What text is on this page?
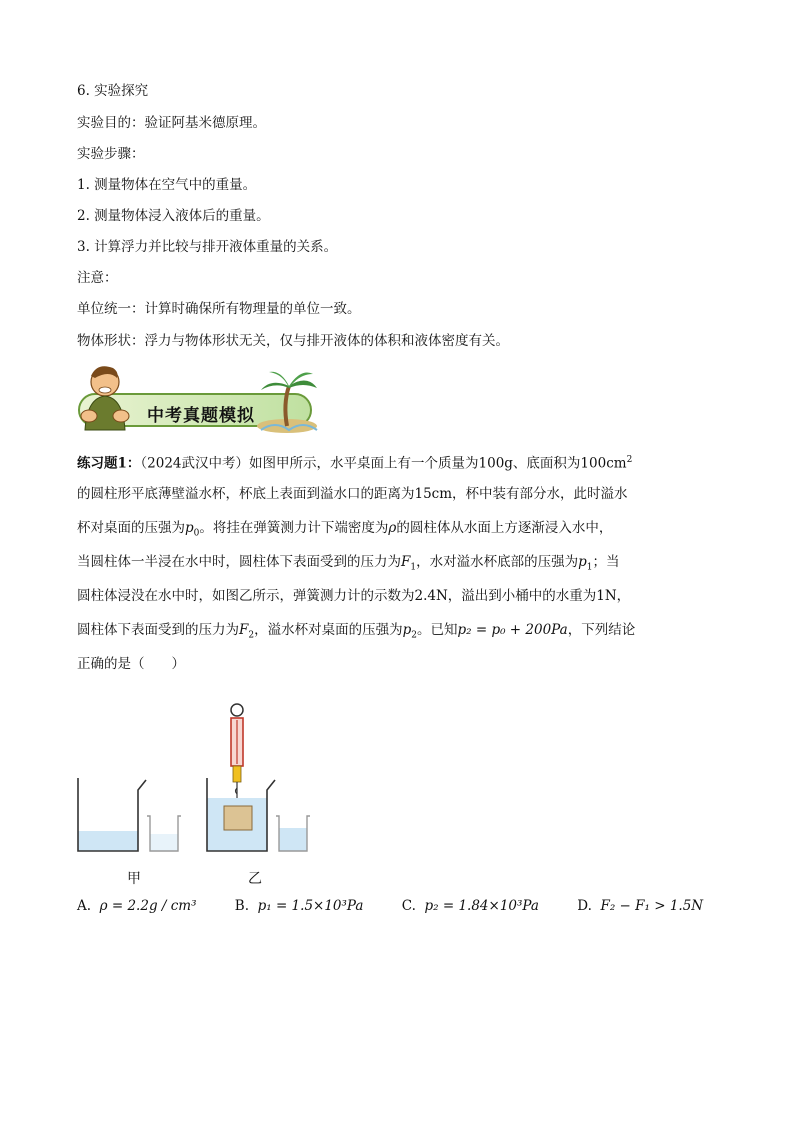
6. 实验探究
实验目的：验证阿基米德原理。
实验步骤：
1. 测量物体在空气中的重量。
2. 测量物体浸入液体后的重量。
3. 计算浮力并比较与排开液体重量的关系。
注意：
单位统一：计算时确保所有物理量的单位一致。
物体形状：浮力与物体形状无关，仅与排开液体的体积和液体密度有关。
中考真题模拟
练习题1：（2024武汉中考）如图甲所示，水平桌面上有一个质量为100g、底面积为$100cm^2$
的圆柱形平底薄壁溢水杯，杯底上表面到溢水口的距离为15cm，杯中装有部分水，此时溢水
杯对桌面的压强为$p_0$。将挂在弹簧测力计下端密度为ρ的圆柱体从水面上方逐渐浸入水中，
当圆柱体一半浸在水中时，圆柱体下表面受到的压力为$F_1$，水对溢水杯底部的压强为$p_1$；当
圆柱体浸没在水中时，如图乙所示，弹簧测力计的示数为2.4N，溢出到小桶中的水重为1N，
圆柱体下表面受到的压力为$F_2$，溢水杯对桌面的压强为$p_2$。已知p₂ = p₀ + 200Pa，下列结论
正确的是（　　）
甲	乙
A. ρ = 2.2g / cm³	B. p₁ = 1.5×10³Pa	C. p₂ = 1.84×10³Pa	D. F₂ − F₁ > 1.5N
